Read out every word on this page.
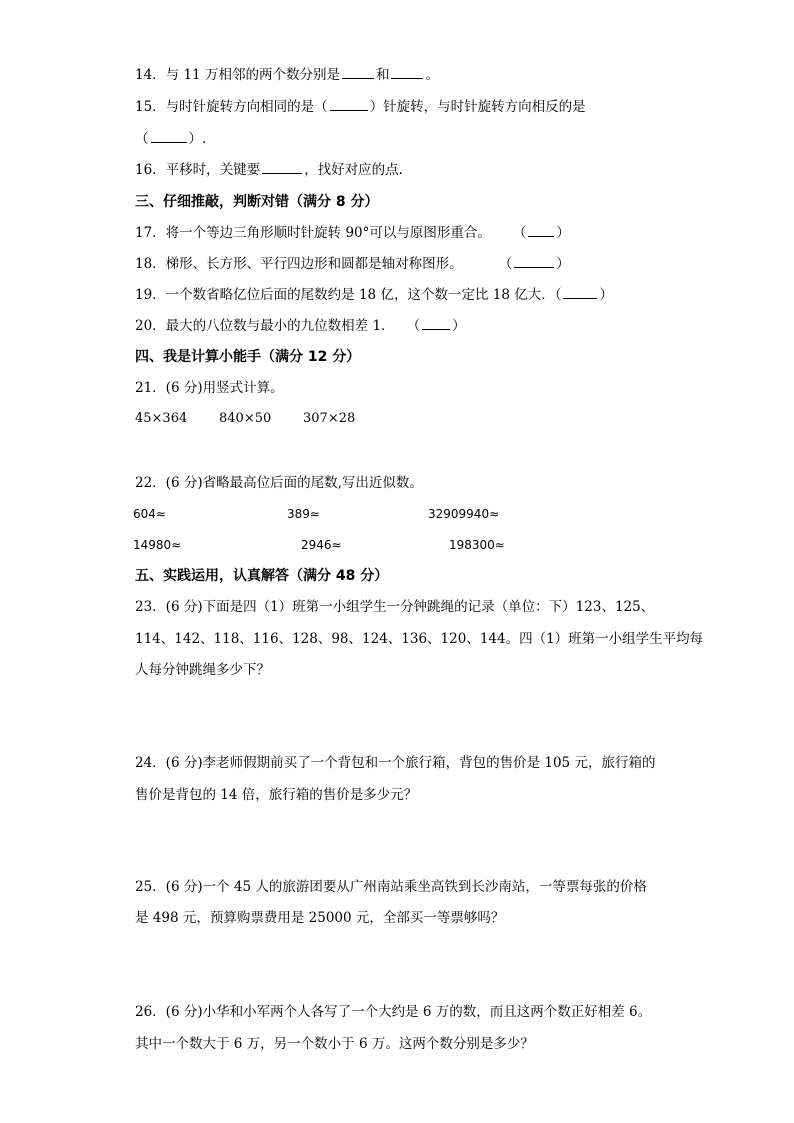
14．与 11 万相邻的两个数分别是	和	。
15．与时针旋转方向相同的是（	）针旋转，与时针旋转方向相反的是
（	）.
16．平移时，关键要	，找好对应的点.
三、仔细推敲，判断对错（满分 8 分）
17．将一个等边三角形顺时针旋转 90°可以与原图形重合。 （ ）
18．梯形、长方形、平行四边形和圆都是轴对称图形。	（	）
19．一个数省略亿位后面的尾数约是 18 亿，这个数一定比 18 亿大．（	）
20．最大的八位数与最小的九位数相差 1． （ ）
四、我是计算小能手（满分 12 分）
21．(6 分)用竖式计算。
45×364 840×50 307×28
22．(6 分)省略最高位后面的尾数,写出近似数。
604≈	389≈	32909940≈
14980≈	2946≈	198300≈
五、实践运用，认真解答（满分 48 分）
23．(6 分)下面是四（1）班第一小组学生一分钟跳绳的记录（单位：下）123、125、
114、142、118、116、128、98、124、136、120、144。四（1）班第一小组学生平均每
人每分钟跳绳多少下？
24．(6 分)李老师假期前买了一个背包和一个旅行箱，背包的售价是 105 元，旅行箱的
售价是背包的 14 倍，旅行箱的售价是多少元？
25．(6 分)一个 45 人的旅游团要从广州南站乘坐高铁到长沙南站，一等票每张的价格
是 498 元，预算购票费用是 25000 元，全部买一等票够吗？
26．(6 分)小华和小军两个人各写了一个大约是 6 万的数，而且这两个数正好相差 6。
其中一个数大于 6 万，另一个数小于 6 万。这两个数分别是多少？
